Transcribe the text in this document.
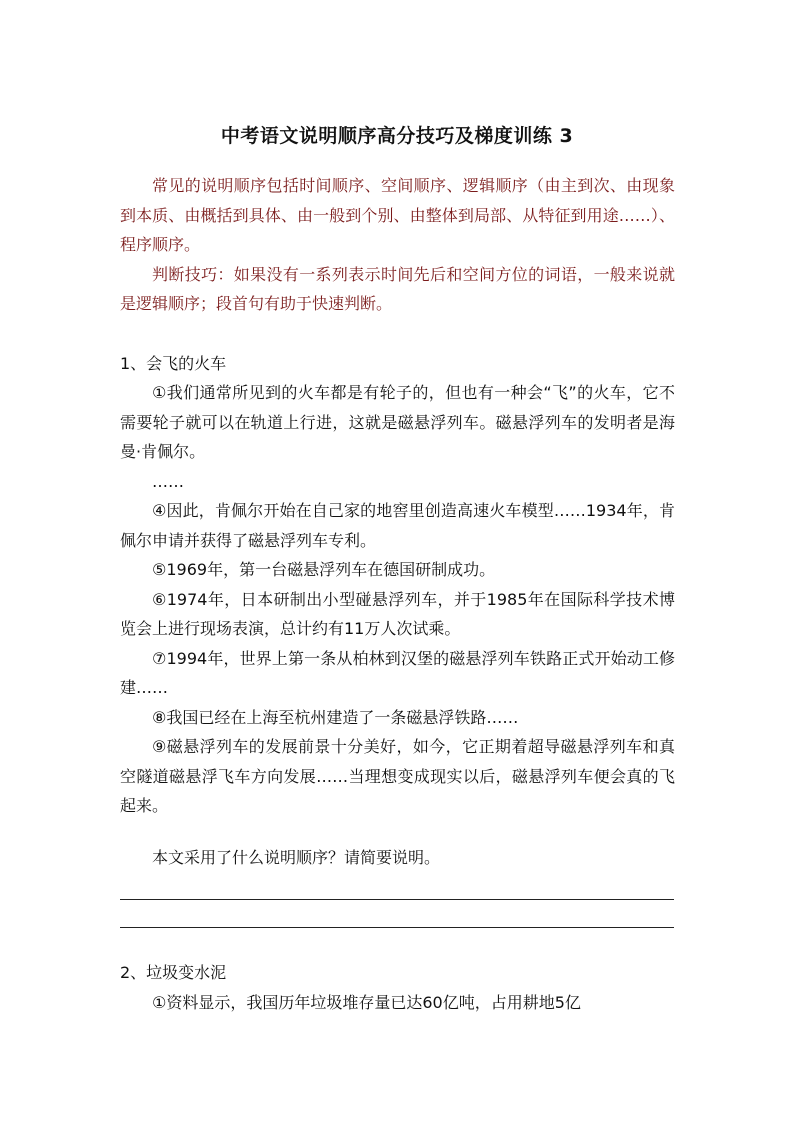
中考语文说明顺序高分技巧及梯度训练 3

常见的说明顺序包括时间顺序、空间顺序、逻辑顺序（由主到次、由现象到本质、由概括到具体、由一般到个别、由整体到局部、从特征到用途……）、程序顺序。

判断技巧：如果没有一系列表示时间先后和空间方位的词语，一般来说就是逻辑顺序；段首句有助于快速判断。

1、会飞的火车

①我们通常所见到的火车都是有轮子的，但也有一种会“飞”的火车，它不需要轮子就可以在轨道上行进，这就是磁悬浮列车。磁悬浮列车的发明者是海曼·肯佩尔。

……

④因此，肯佩尔开始在自己家的地窖里创造高速火车模型……1934年，肯佩尔申请并获得了磁悬浮列车专利。

⑤1969年，第一台磁悬浮列车在德国研制成功。

⑥1974年，日本研制出小型碰悬浮列车，并于1985年在国际科学技术博览会上进行现场表演，总计约有11万人次试乘。

⑦1994年，世界上第一条从柏林到汉堡的磁悬浮列车铁路正式开始动工修建……

⑧我国已经在上海至杭州建造了一条磁悬浮铁路……

⑨磁悬浮列车的发展前景十分美好，如今，它正期着超导磁悬浮列车和真空隧道磁悬浮飞车方向发展……当理想变成现实以后，磁悬浮列车便会真的飞起来。

本文采用了什么说明顺序？请简要说明。

2、垃圾变水泥

①资料显示，我国历年垃圾堆存量已达60亿吨，占用耕地5亿
